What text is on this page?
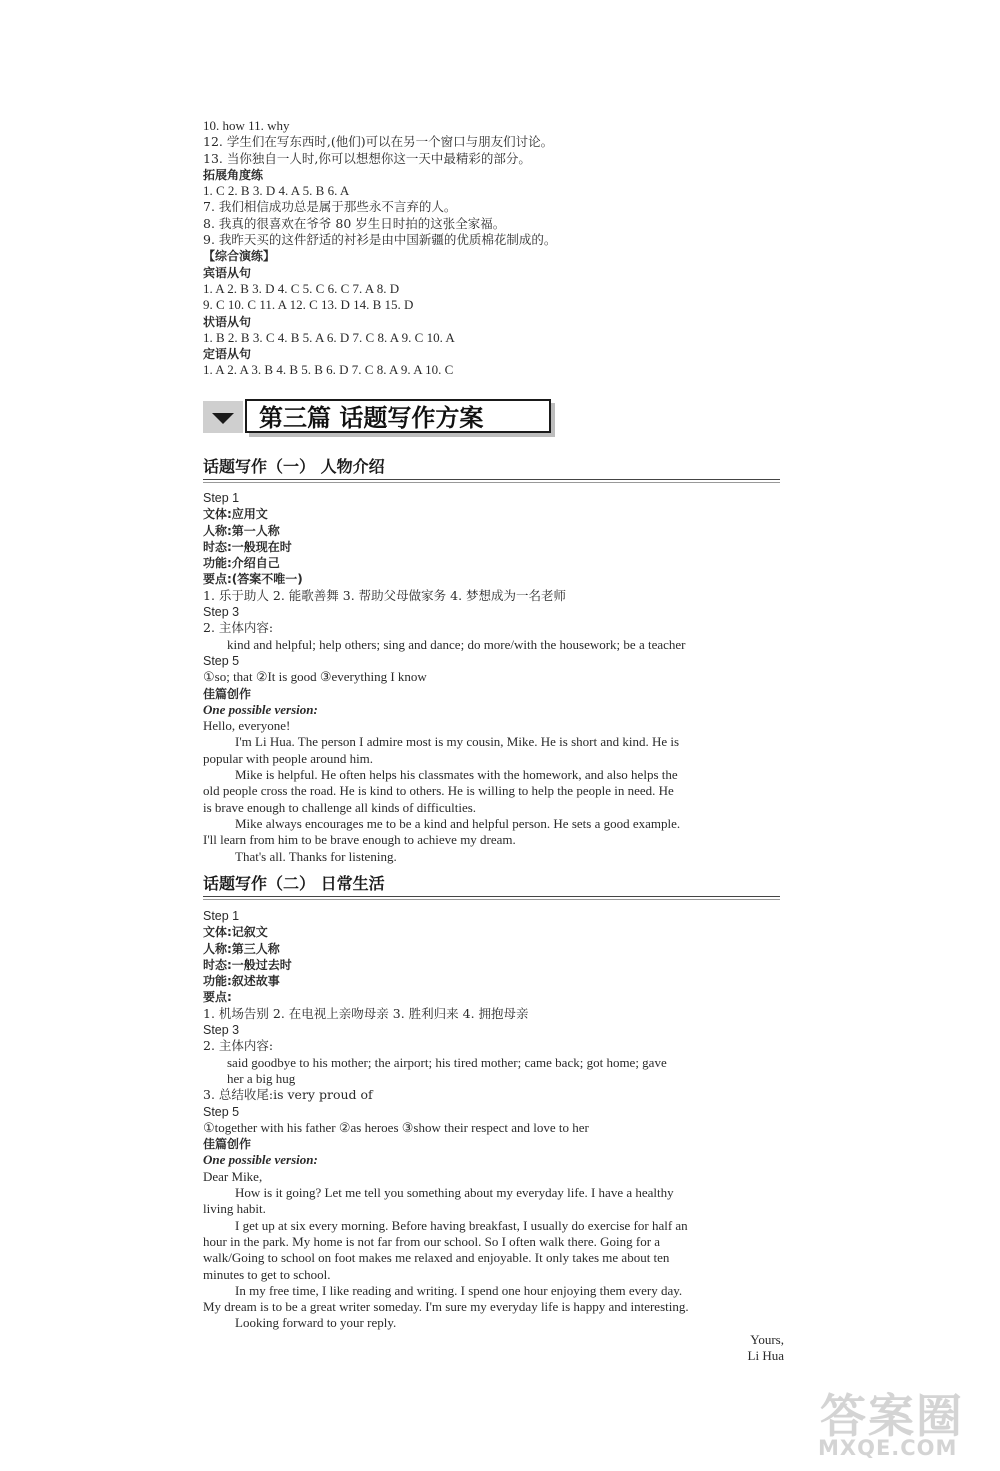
10. how 11. why
12. 学生们在写东西时,(他们)可以在另一个窗口与朋友们讨论。
13. 当你独自一人时,你可以想想你这一天中最精彩的部分。
拓展角度练
1. C 2. B 3. D 4. A 5. B 6. A
7. 我们相信成功总是属于那些永不言弃的人。
8. 我真的很喜欢在爷爷 80 岁生日时拍的这张全家福。
9. 我昨天买的这件舒适的衬衫是由中国新疆的优质棉花制成的。
【综合演练】
宾语从句
1. A 2. B 3. D 4. C 5. C 6. C 7. A 8. D
9. C 10. C 11. A 12. C 13. D 14. B 15. D
状语从句
1. B 2. B 3. C 4. B 5. A 6. D 7. C 8. A 9. C 10. A
定语从句
1. A 2. A 3. B 4. B 5. B 6. D 7. C 8. A 9. A 10. C
第三篇 话题写作方案
话题写作（一） 人物介绍
Step 1
文体:应用文
人称:第一人称
时态:一般现在时
功能:介绍自己
要点:(答案不唯一)
1. 乐于助人 2. 能歌善舞 3. 帮助父母做家务 4. 梦想成为一名老师
Step 3
2. 主体内容:
kind and helpful; help others; sing and dance; do more/with the housework; be a teacher
Step 5
①so; that ②It is good ③everything I know
佳篇创作
One possible version:
Hello, everyone!
I'm Li Hua. The person I admire most is my cousin, Mike. He is short and kind. He is
popular with people around him.
Mike is helpful. He often helps his classmates with the homework, and also helps the
old people cross the road. He is kind to others. He is willing to help the people in need. He
is brave enough to challenge all kinds of difficulties.
Mike always encourages me to be a kind and helpful person. He sets a good example.
I'll learn from him to be brave enough to achieve my dream.
That's all. Thanks for listening.
话题写作（二） 日常生活
Step 1
文体:记叙文
人称:第三人称
时态:一般过去时
功能:叙述故事
要点:
1. 机场告别 2. 在电视上亲吻母亲 3. 胜利归来 4. 拥抱母亲
Step 3
2. 主体内容:
said goodbye to his mother; the airport; his tired mother; came back; got home; gave
her a big hug
3. 总结收尾:is very proud of
Step 5
①together with his father ②as heroes ③show their respect and love to her
佳篇创作
One possible version:
Dear Mike,
How is it going? Let me tell you something about my everyday life. I have a healthy
living habit.
I get up at six every morning. Before having breakfast, I usually do exercise for half an
hour in the park. My home is not far from our school. So I often walk there. Going for a
walk/Going to school on foot makes me relaxed and enjoyable. It only takes me about ten
minutes to get to school.
In my free time, I like reading and writing. I spend one hour enjoying them every day.
My dream is to be a great writer someday. I'm sure my everyday life is happy and interesting.
Looking forward to your reply.
Yours,
Li Hua
答案圈
MXQE.COM
